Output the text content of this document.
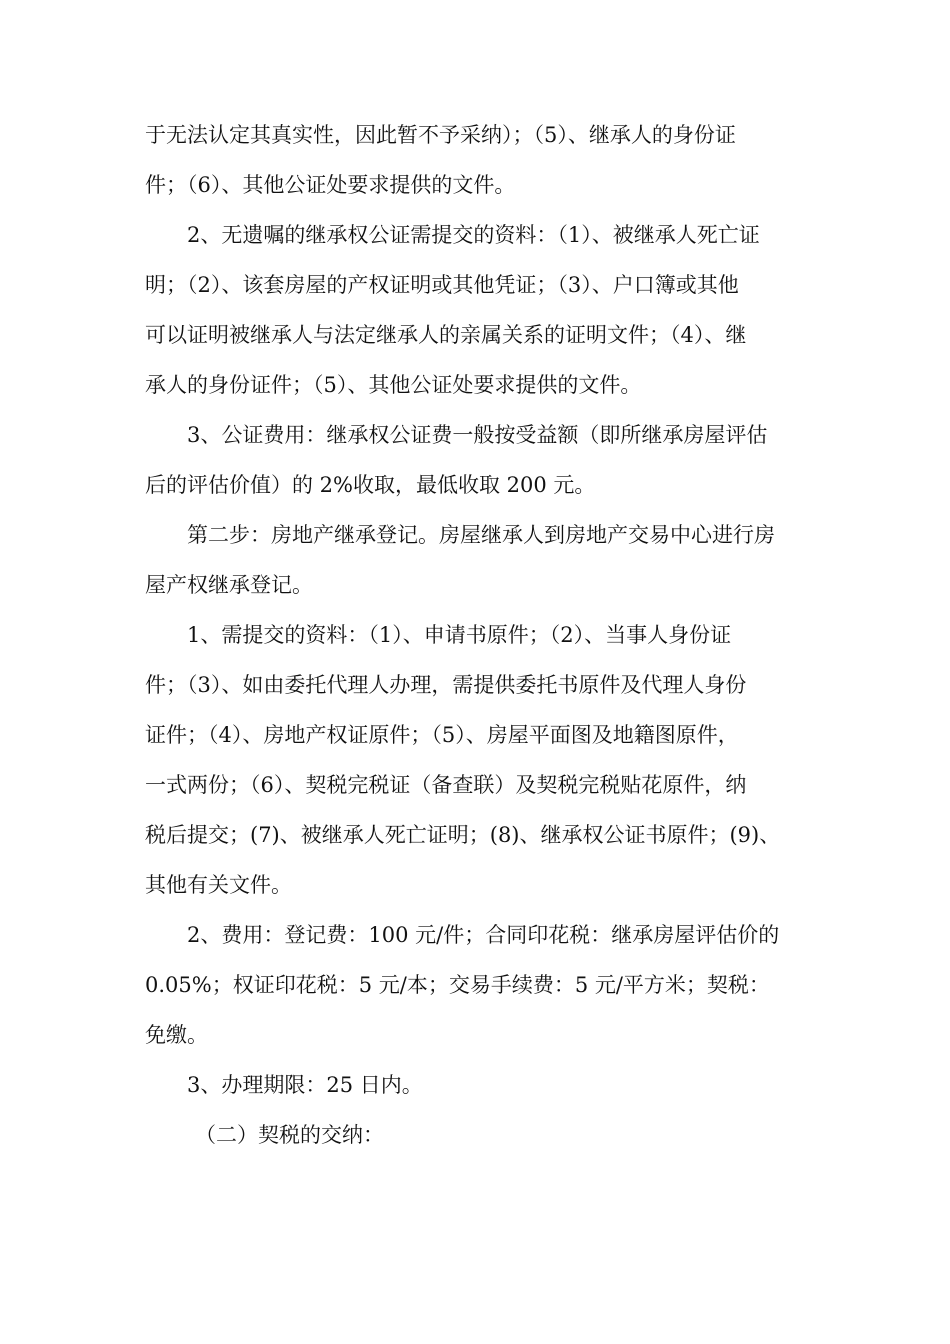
于无法认定其真实性，因此暂不予采纳）；（5）、继承人的身份证
件；（6）、其他公证处要求提供的文件。

2、无遗嘱的继承权公证需提交的资料：（1）、被继承人死亡证
明；（2）、该套房屋的产权证明或其他凭证；（3）、户口簿或其他
可以证明被继承人与法定继承人的亲属关系的证明文件；（4）、继
承人的身份证件；（5）、其他公证处要求提供的文件。

3、公证费用：继承权公证费一般按受益额（即所继承房屋评估
后的评估价值）的 2%收取，最低收取 200 元。

第二步：房地产继承登记。房屋继承人到房地产交易中心进行房
屋产权继承登记。

1、需提交的资料：（1）、申请书原件；（2）、当事人身份证
件；（3）、如由委托代理人办理，需提供委托书原件及代理人身份
证件；（4）、房地产权证原件；（5）、房屋平面图及地籍图原件，
一式两份；（6）、契税完税证（备查联）及契税完税贴花原件，纳
税后提交；(7)、被继承人死亡证明；(8)、继承权公证书原件；(9)、
其他有关文件。

2、费用：登记费：100 元/件；合同印花税：继承房屋评估价的
0.05%；权证印花税：5 元/本；交易手续费：5 元/平方米；契税：
免缴。

3、办理期限：25 日内。

（二）契税的交纳：
